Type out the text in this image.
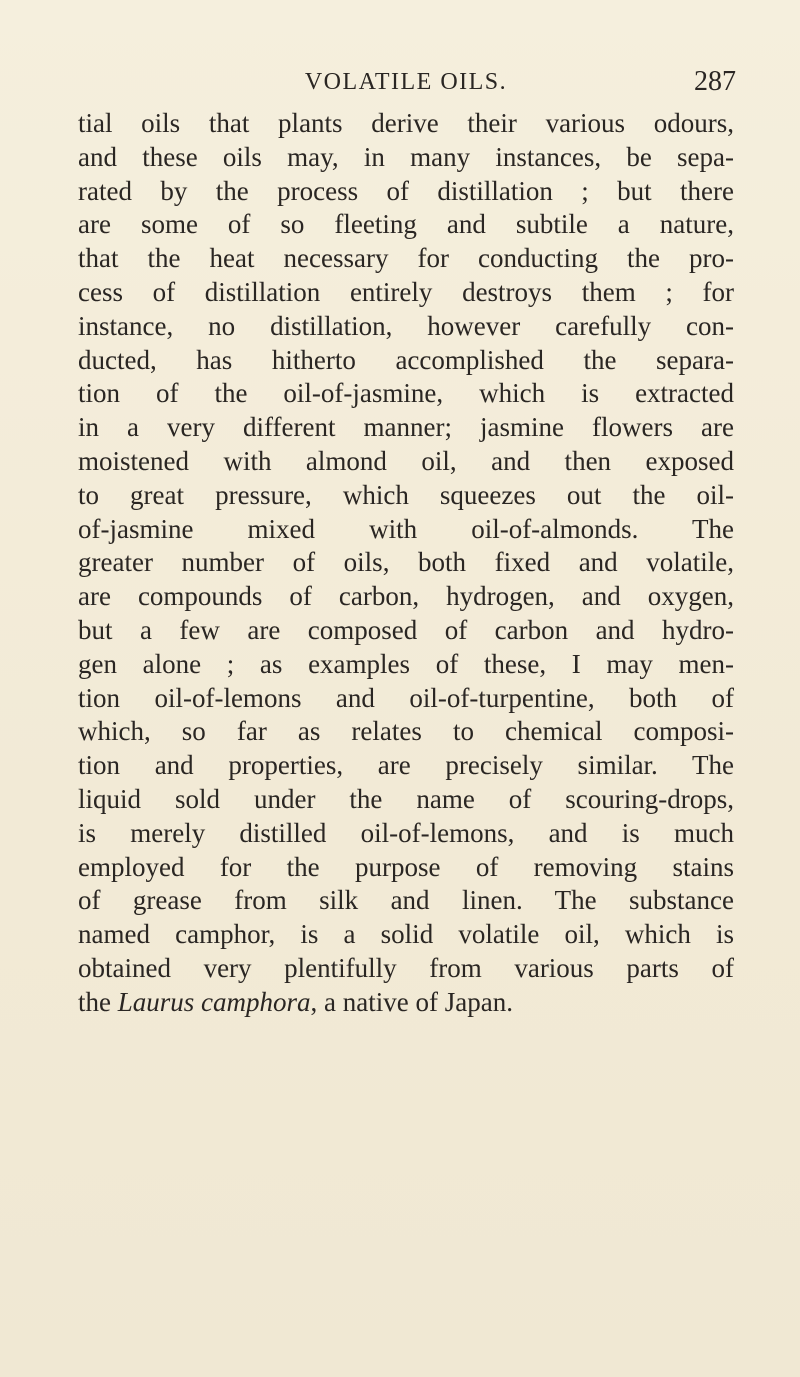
VOLATILE OILS.	287
tial oils that plants derive their various odours,
and these oils may, in many instances, be sepa-
rated by the process of distillation ; but there
are some of so fleeting and subtile a nature,
that the heat necessary for conducting the pro-
cess of distillation entirely destroys them ; for
instance, no distillation, however carefully con-
ducted, has hitherto accomplished the separa-
tion of the oil-of-jasmine, which is extracted
in a very different manner; jasmine flowers are
moistened with almond oil, and then exposed
to great pressure, which squeezes out the oil-
of-jasmine mixed with oil-of-almonds. The
greater number of oils, both fixed and volatile,
are compounds of carbon, hydrogen, and oxygen,
but a few are composed of carbon and hydro-
gen alone ; as examples of these, I may men-
tion oil-of-lemons and oil-of-turpentine, both of
which, so far as relates to chemical composi-
tion and properties, are precisely similar. The
liquid sold under the name of scouring-drops,
is merely distilled oil-of-lemons, and is much
employed for the purpose of removing stains
of grease from silk and linen. The substance
named camphor, is a solid volatile oil, which is
obtained very plentifully from various parts of
the Laurus camphora, a native of Japan.
